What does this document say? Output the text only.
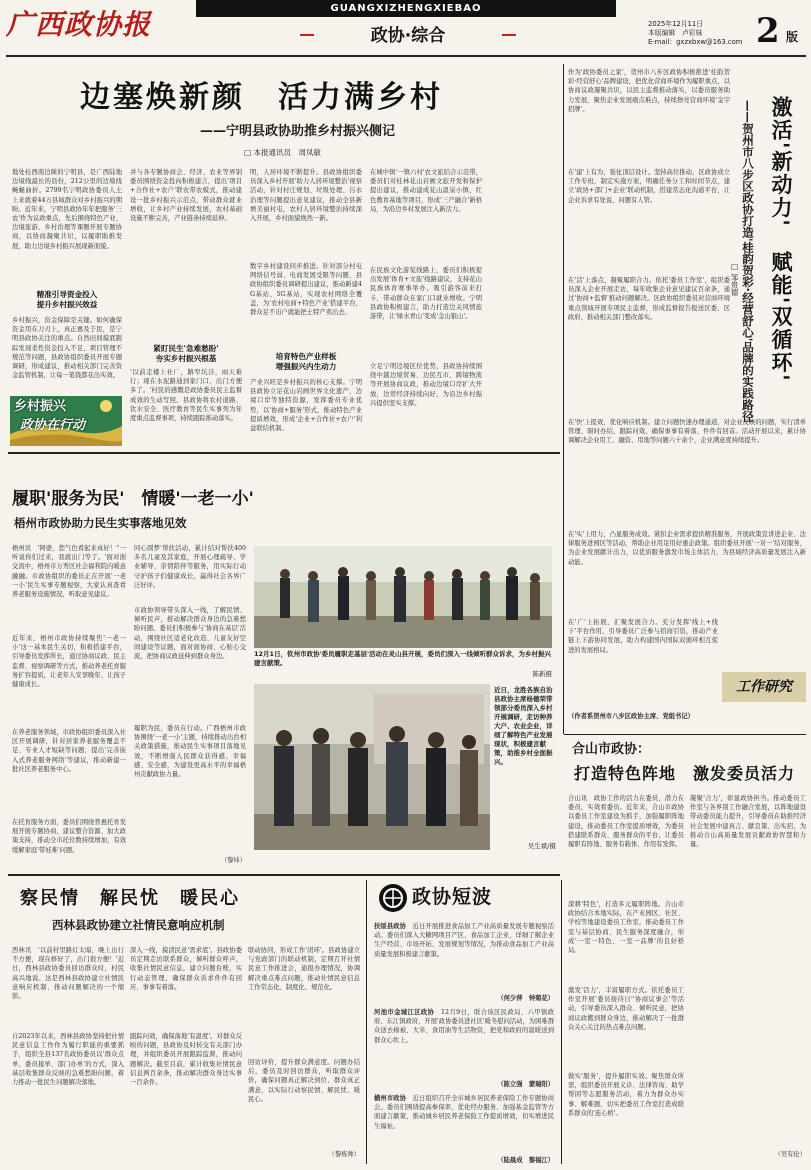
广西政协报	GUANGXIZHENGXIEBAO
政协·综合
2025年12月11日
本版编辑　卢彩妹
E-mail：gxzxbxw@163.com 2 版
边塞焕新颜　活力满乡村
——宁明县政协助推乡村振兴侧记
□ 本报通讯员　周凤敏
地处桂西南边陲的宁明县，是广西陆地边境线最长的县份，212公里的边境线蜿蜒曲折。2799名宁明政协委员人土上来就着44万县域群众对乡村振兴的期盼。近年来，宁明县政协年年把服务'三农'作为议政重点，先后围绕特色产业、边境旅游、乡村治理等课题开展专题协商，以协商凝聚共识，以履职助推发展，助力边境乡村振兴展现新面貌。
精准引导资金投入
提升乡村振兴效益
乡村振兴，资金保障是关键。如何确保资金用在刀刃上，真正惠及于民，是宁明县政协关注的重点。自然田间摸底跟踪发现柔性资金投入不足、项目管理不规范等问题，县政协组织委员开展专题调研，形成建议，推动相关部门完善资金监管机制，让每一笔钱都花出实效。
乡村振兴
政协在行动
并与各专题协商会、经济、农业等界别委员围绕资金投向积极建言，提出'项目+合作社+农户'联农带农模式，推动建设一批乡村振兴示范点，带动群众就业增收，让乡村产业持续发展，农村基础设施不断完善，产业链条持续延伸。
紧盯民生'急难愁盼'
夯实乡村振兴根基
'以前走楼上社厂，路窄坑洼，雨天难行；现在水泥路通到家门口，出门方便多了。'村民的感慨是政协委员民主监督成效的生动写照。县政协将农村道路、饮水安全、医疗教育等民生实事列为年度重点监督事项，持续跟踪推动落实。
明，人居环境不断提升。县政协组织委员深入乡村开展'助力人居环境整治'视察活动，针对村庄规划、垃圾处理、污水治理等问题提出意见建议，推动全县新增美丽村屯，农村人居环境整治持续深入开展，乡村面貌焕然一新。
数字乡村建设同步推进。针对部分村屯网络信号弱、电商发展受限等问题，县政协组织委员调研提出建议，推动新建4G基站、5G基站，实现农村网络全覆盖，为'农村电商+特色产业'搭建平台，群众足不出户就能把土特产卖出去。
培育特色产业样板
增强振兴内生动力
产业兴旺是乡村振兴的核心支撑。宁明县政协立足花山岩画世界文化遗产，边境口岸等独特资源，发挥委员专业优势，以'协商+服务'形式，推动特色产业提质增效，形成'企业+合作社+农户'利益联结机制。
在城中镇'一镇六村'农文旅结合示范带，委员们对桂林花山岩画文旅开发和保护提出建议，推动建成花山温泉小镇、红色教育基地等项目，形成'三产融合'新格局，为沿边乡村发展注入新活力。
在民族文化游览线路上，委员们积极提出发展'体育+文旅'线路建议，支持花山民族体育赛事举办，吸引游客前来打卡，带动群众在家门口就业增收。宁明县政协积极建言，助力打造边关风情旅游带，让'绿水青山'变成'金山银山'。
立足宁明边境区位优势，县政协持续围绕中越边境贸易、边民互市、跨境物流等开展协商议政，推动边境口岸扩大开放，边贸经济持续向好，为沿边乡村振兴提供坚实支撑。
作为'政协委员之家'，贺州市八步区政协积极推进'桂韵贺彩·经营舒心'品牌建设，把优化营商环境作为履职重点，以协商议政凝聚共识，以民主监督推动落实，以委员服务助力发展，聚焦企业发展痛点难点，持续擦亮营商环境'金字招牌'。
在'建'上有为，强化顶层设计。坚持高位推动，区政协成立工作专班，制定实施方案，明确任务分工和时间节点，建立'政协+部门+企业'联动机制，搭建常态化沟通平台，让企业诉求有处说、问题有人管。
在'活'上落点，凝聚履职合力。依托'委员工作室'，组织委员深入企业开展走访，每年收集企业意见建议百余条，通过'协商+监督'推动问题解决。区政协组织委员对营商环境重点领域开展专项民主监督，形成监督报告报送区委、区政府，推动相关部门整改落实。
在'快'上提效，优化响应机制。建立问题快速办理通道，对企业反映的问题，实行清单管理、限时办结、跟踪问效，确保事事有着落、件件有回音。活动开展以来，累计协调解决企业用工、融资、用地等问题六十余个，企业满意度持续提升。
在'实'上用力，凸显服务成效。紧扣企业需求提供精准服务，开展政策宣讲进企业、法律服务进园区等活动，帮助企业用足用好惠企政策。组织委员开展'一对一'结对服务，为企业发展献计出力，以优质服务激发市场主体活力，为县域经济高质量发展注入新动能。
在'广'上拓展，汇聚发展合力。充分发挥'线上+线下'平台作用，引导委员广泛参与招商引资，推动产业链上下游协同发展，助力构建国内国际双循环相互促进的发展格局。
（作者系贺州市八步区政协主席、党组书记）
激活'新动力'　赋能'双循环'
——贺州市八步区政协打造'桂韵贺彩·经营舒心'品牌的实践路径
□ 邹贵德
工作研究
履职'服务为民'　情暖'一老一小'
梧州市政协助力民生实事落地见效
梧州讯　'阿婆，您气色看起来真好！''一听说你们过来，我就出门等了。'面对面交流中，梧州市万秀区社会福利院内暖意融融。市政协组织的委员正在开展'一老一小'民生实事专题视察，大家认真查看养老服务设施情况，听取意见建议。
近年来，梧州市政协持续聚焦'一老一小'这一基本民生关切，积极搭建平台，引导委员发挥所长，通过协商议政、民主监督、视察调研等方式，推动养老托育服务扩容提质，让老年人安享晚年、让孩子健康成长。
在养老服务领域，市政协组织委员深入社区开展调研，针对居家养老服务覆盖不足、专业人才短缺等问题，提出'完善嵌入式养老服务网络'等建议，推动新建一批社区养老服务中心。
在托育服务方面，委员们围绕普惠托育发展开展专题协商，建议整合资源、加大政策支持，推动全市托位数持续增加，有效缓解家庭'带娃难'问题。
同心圆梦'帮扶活动，累计结对帮扶400多名儿童及其家庭，开展心理疏导、学业辅导、亲情陪伴等服务，用实际行动守护孩子们健康成长，赢得社会各界广泛好评。
市政协领导带头深入一线，了解民情、倾听民声，推动解决群众身边的急难愁盼问题。委员们积极参与'协商在基层'活动，围绕社区适老化改造、儿童友好空间建设等议题，面对面协商、心贴心交流，把协商议政延伸到群众身边。
履职为民，委员在行动。广西梧州市政协围绕'一老一小'主题，持续推动出台相关政策措施，推动民生实事项目落地见效，不断增强人民群众获得感、幸福感、安全感，为建设更高水平的幸福梧州贡献政协力量。
（黎炜）
12月1日，钦州市政协'委员履职走基层'活动在灵山县开展，委员们深入一线倾听群众诉求，为乡村振兴建言献策。
陈新摄
近日，龙胜各族自治县政协主席杨德荣带领部分委员深入乡村开展调研，走访种养大户、农业企业，详细了解特色产业发展现状，积极建言献策，助推乡村全面振兴。
吴生斌/摄
合山市政协：
打造特色阵地　激发委员活力
合山讯　政协工作的活力在委员，潜力在委员，实效看委员。近年来，合山市政协以委员工作室建设为抓手，加强履职阵地建设，推动委员工作室提质增效，为委员搭建联系群众、服务群众的平台，让委员履职有阵地、服务有载体、作用有发挥。
深耕'特色'，打造多元履职阵地。合山市政协结合本地实际，在产业园区、社区、学校等地建设委员工作室，推动委员工作室与基层协商、民生服务深度融合，形成'一室一特色、一室一品牌'的良好格局。
激发'活力'，丰富履职方式。依托委员工作室开展'委员接待日''协商议事会'等活动，引导委员深入群众、倾听民意，把协商议政搬到群众身边，推动解决了一批群众关心关注的热点难点问题。
做实'服务'，提升履职实效。聚焦群众所需，组织委员开展义诊、法律咨询、助学帮困等志愿服务活动，着力为群众办实事、解难题，切实把委员工作室打造成联系群众的'连心桥'。
凝聚'合力'，彰显政协担当。推动委员工作室与各界别工作融合发展，以阵地建设带动委员能力提升，引导委员在助推经济社会发展中建真言、献良策、出实招，为推动合山高质量发展贡献政协智慧和力量。
（吴有伦）
察民情　解民忧　暖民心
西林县政协建立社情民意响应机制
西林讯　'以前村里路灯太暗，晚上出行不方便，现在修好了，出门很方便！'近日，西林县政协委员回访群众时，村民高兴地说。这是西林县政协建立社情民意响应机制、推动问题解决的一个缩影。
自2023年以来，西林县政协坚持把社情民意信息工作作为履行职能的重要抓手，组织全县137名政协委员以'群众点单、委员接单、部门办单'的方式，深入基层收集群众反映的急难愁盼问题，着力推动一批民生问题解决落地。
深入一线，摸清民意'需求底'。县政协委员定期走访联系群众，倾听群众呼声，收集社情民意信息，建立问题台账，实行动态管理，确保群众诉求件件有回应、事事有着落。
跟踪问效，确保落地'有温度'。对群众反映的问题，县政协及时转交有关部门办理，并组织委员开展跟踪监督，推动问题解决。截至目前，累计收集社情民意信息两百余条，推动解决群众身边实事一百余件。
联动协同，形成工作'闭环'。县政协建立与党政部门的联动机制，定期召开社情民意工作推进会，通报办理情况，协调解决重点难点问题，推动社情民意信息工作常态化、制度化、规范化。
回访评价，提升群众满意度。问题办结后，委员及时回访群众，听取群众评价，确保问题真正解决到位、群众真正满意，以实际行动察民情、解民忧、暖民心。
（黎栋帅）
政协短波
扶绥县政协　 近日开展推进食品加工产业高质量发展专题视察活动。委员们深入大糖网项目产区、食品加工企业，详细了解企业生产经营、市场开拓、发展规划等情况，为推动食品加工产业高质量发展积极建言献策。
（何少萍　钟菊花）
河池市金城江区政协　 12月9日，联合该区民政局、六甲镇政府、东江镇政府，开展'政协委员进社区'暖冬慰问活动，为困难群众送去棉被、大米、食用油等生活物资，把党和政府的温暖送到群众心坎上。
（陈立强　蒙瑞阳）
横州市政协　 近日组织召开全市城乡居民养老保险工作专题协商会。委员们围绕提高参保率、优化经办服务、加强基金监管等方面建言献策，推动城乡居民养老保险工作提质增效，切实增进民生福祉。
（陆晨成　黎福江）
